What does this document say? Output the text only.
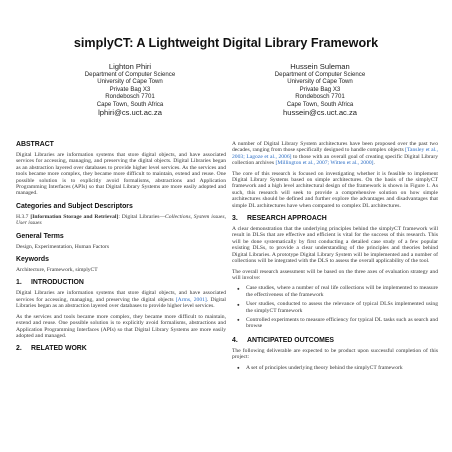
simplyCT: A Lightweight Digital Library Framework
Lighton Phiri
Department of Computer Science
University of Cape Town
Private Bag X3
Rondebosch 7701
Cape Town, South Africa
lphiri@cs.uct.ac.za
Hussein Suleman
Department of Computer Science
University of Cape Town
Private Bag X3
Rondebosch 7701
Cape Town, South Africa
hussein@cs.uct.ac.za
ABSTRACT

Digital Libraries are information systems that store digital objects, and have associated services for accessing, managing, and preserving the digital objects. Digital Libraries began as an abstraction layered over databases to provide higher level services. As the services and tools became more complex, they became more difficult to maintain, extend and reuse. One possible solution is to explicitly avoid formalisms, abstractions and Application Programming Interfaces (APIs) so that Digital Library Systems are more easily adopted and managed.

Categories and Subject Descriptors

H.3.7 [Information Storage and Retrieval]: Digital Libraries—Collections, System issues, User issues

General Terms

Design, Experimentation, Human Factors

Keywords

Architecture, Framework, simplyCT

1. INTRODUCTION

Digital Libraries are information systems that store digital objects, and have associated services for accessing, managing, and preserving the digital objects [Arms, 2001]. Digital Libraries began as an abstraction layered over databases to provide higher level services.

As the services and tools became more complex, they became more difficult to maintain, extend and reuse. One possible solution is to explicitly avoid formalisms, abstractions and Application Programming Interfaces (APIs) so that Digital Library Systems are more easily adopted and managed.

2. RELATED WORK

A number of Digital Library System architectures have been proposed over the past two decades, ranging from those specifically designed to handle complex objects [Tansley et al., 2003; Lagoze et al., 2006] to those with an overall goal of creating specific Digital Library collection archives [Millington et al., 2007; Witten et al., 2000].

The core of this research is focused on investigating whether it is feasible to implement Digital Library Systems based on simple architectures. On the basis of the simplyCT framework and a high level architectural design of the framework is shown in Figure 1. As such, this research will seek to provide a comprehensive solution on how simple architectures should be defined and further explore the advantages and disadvantages that simple DL architectures have when compared to complex DL architectures.

3. RESEARCH APPROACH

A clear demonstration that the underlying principles behind the simplyCT framework will result in DLSs that are effective and efficient is vital for the success of this research. This will be done systematically by first conducting a detailed case study of a few popular existing DLSs, to provide a clear understanding of the principles and theories behind Digital Libraries. A prototype Digital Library System will be implemented and a number of collections will be integrated with the DLS to assess the overall applicability of the tool.

The overall research assessment will be based on the three axes of evaluation strategy and will involve:

● Case studies, where a number of real life collections will be implemented to measure the effectiveness of the framework
● User studies, conducted to assess the relevance of typical DLSs implemented using the simplyCT framework
● Controlled experiments to measure efficiency for typical DL tasks such as search and browse
4. ANTICIPATED OUTCOMES

The following deliverable are expected to be product upon successful completion of this project:

● A set of principles underlying theory behind the simplyCT framework
